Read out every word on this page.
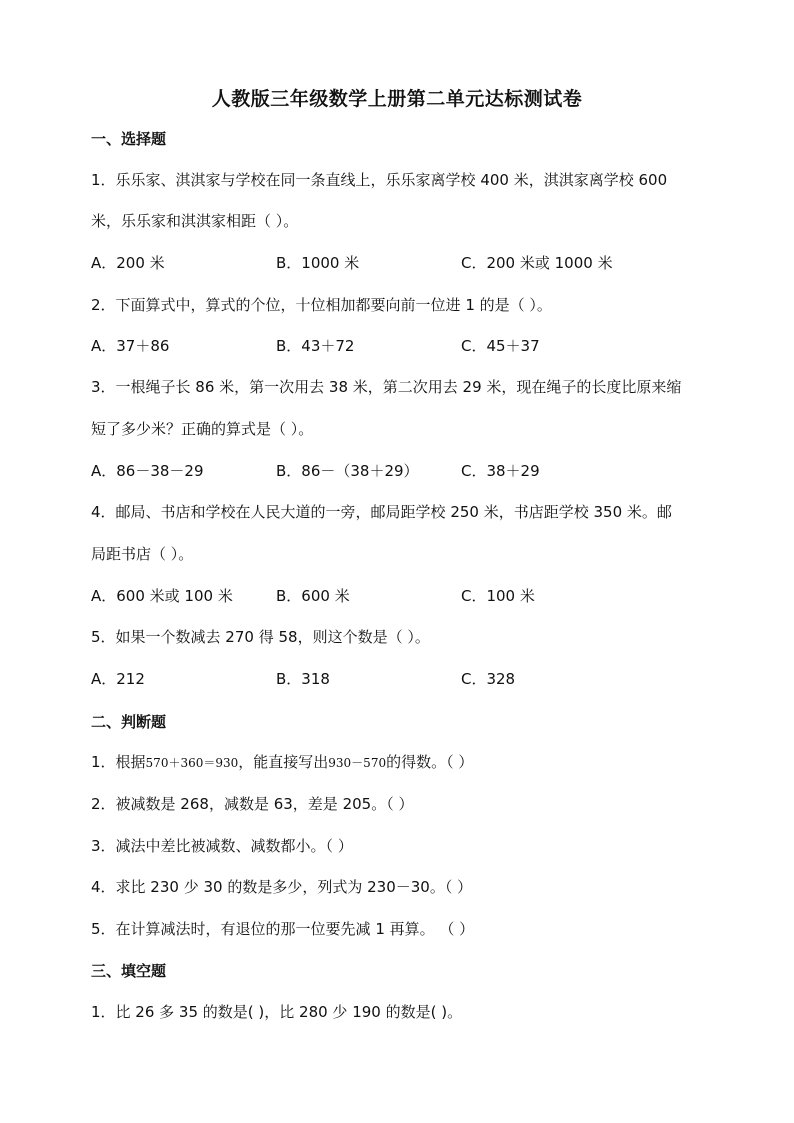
人教版三年级数学上册第二单元达标测试卷
一、选择题
1．乐乐家、淇淇家与学校在同一条直线上，乐乐家离学校 400 米，淇淇家离学校 600
米，乐乐家和淇淇家相距（ ）。
A．200 米	B．1000 米	C．200 米或 1000 米
2．下面算式中，算式的个位，十位相加都要向前一位进 1 的是（ ）。
A．37＋86	B．43＋72	C．45＋37
3．一根绳子长 86 米，第一次用去 38 米，第二次用去 29 米，现在绳子的长度比原来缩
短了多少米？正确的算式是（ ）。
A．86－38－29	B．86－（38＋29）	C．38＋29
4．邮局、书店和学校在人民大道的一旁，邮局距学校 250 米，书店距学校 350 米。邮
局距书店（ ）。
A．600 米或 100 米	B．600 米	C．100 米
5．如果一个数减去 270 得 58，则这个数是（ ）。
A．212	B．318	C．328
二、判断题
1．根据570＋360＝930，能直接写出930－570的得数。（ ）
2．被减数是 268，减数是 63，差是 205。（ ）
3．减法中差比被减数、减数都小。（ ）
4．求比 230 少 30 的数是多少，列式为 230－30。（ ）
5．在计算减法时，有退位的那一位要先减 1 再算。 （ ）
三、填空题
1．比 26 多 35 的数是( )，比 280 少 190 的数是( )。
